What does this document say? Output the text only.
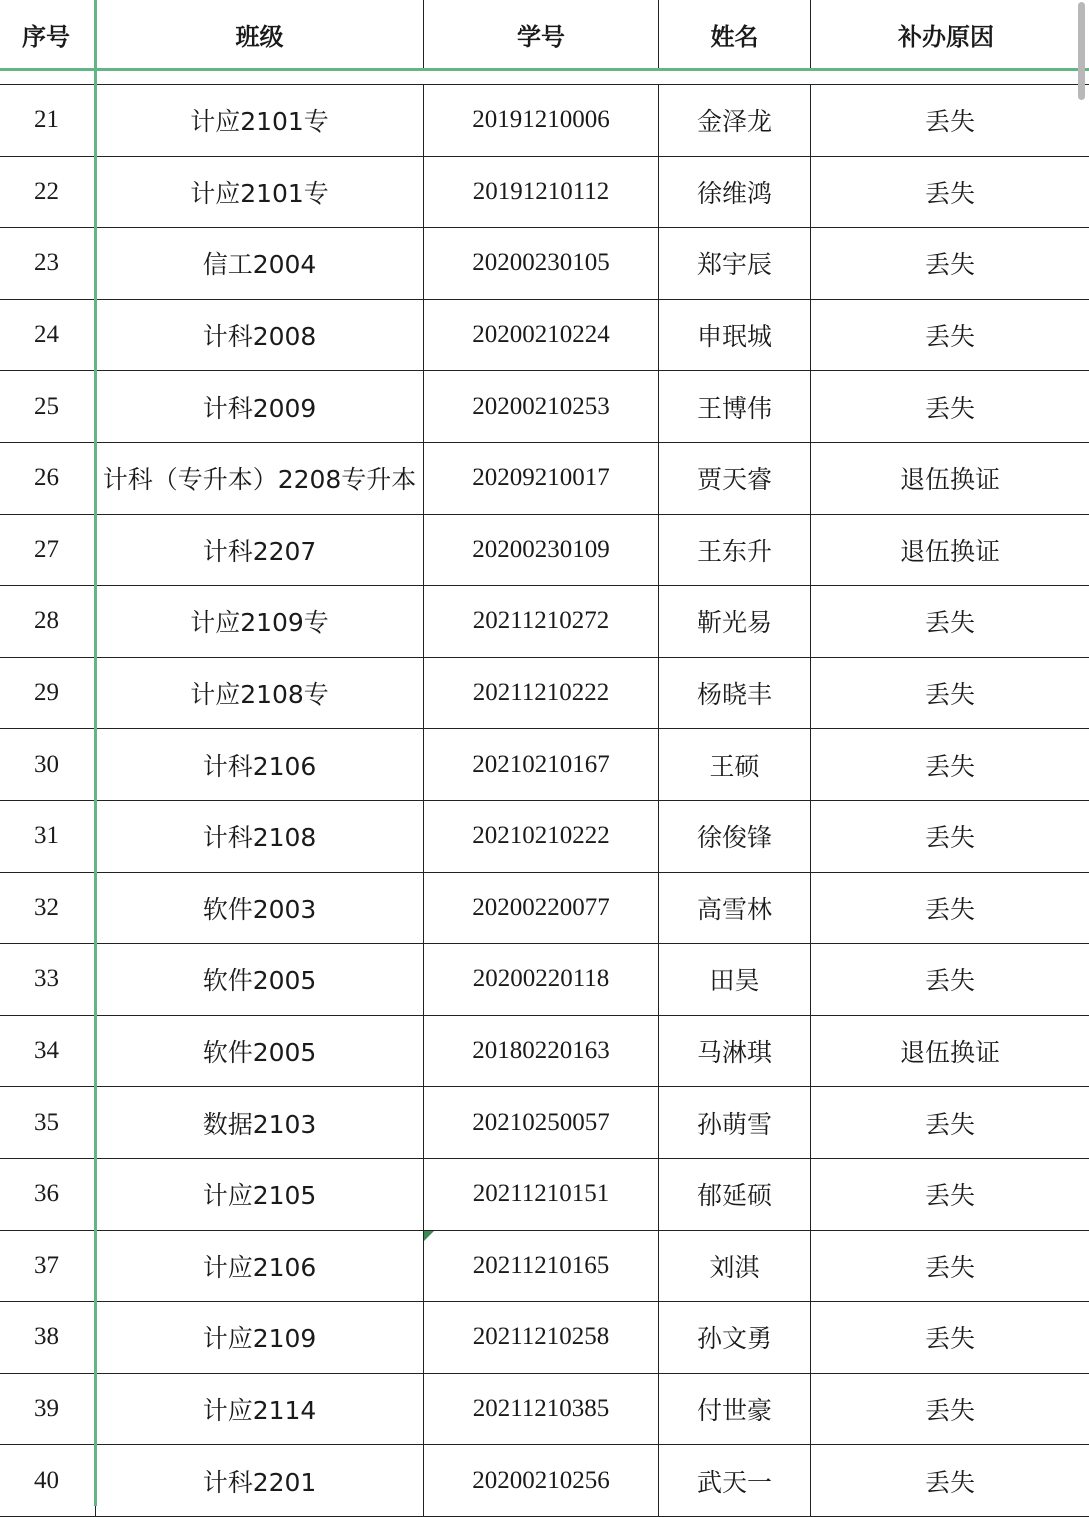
序号	班级	学号	姓名	补办原因
21	计应2101专	20191210006	金泽龙	丢失
22	计应2101专	20191210112	徐维鸿	丢失
23	信工2004	20200230105	郑宇辰	丢失
24	计科2008	20200210224	申珉城	丢失
25	计科2009	20200210253	王博伟	丢失
26	计科（专升本）2208专升本	20209210017	贾天睿	退伍换证
27	计科2207	20200230109	王东升	退伍换证
28	计应2109专	20211210272	靳光易	丢失
29	计应2108专	20211210222	杨晓丰	丢失
30	计科2106	20210210167	王硕	丢失
31	计科2108	20210210222	徐俊锋	丢失
32	软件2003	20200220077	高雪林	丢失
33	软件2005	20200220118	田昊	丢失
34	软件2005	20180220163	马淋琪	退伍换证
35	数据2103	20210250057	孙萌雪	丢失
36	计应2105	20211210151	郁延硕	丢失
37	计应2106	20211210165	刘淇	丢失
38	计应2109	20211210258	孙文勇	丢失
39	计应2114	20211210385	付世豪	丢失
40	计科2201	20200210256	武天一	丢失
